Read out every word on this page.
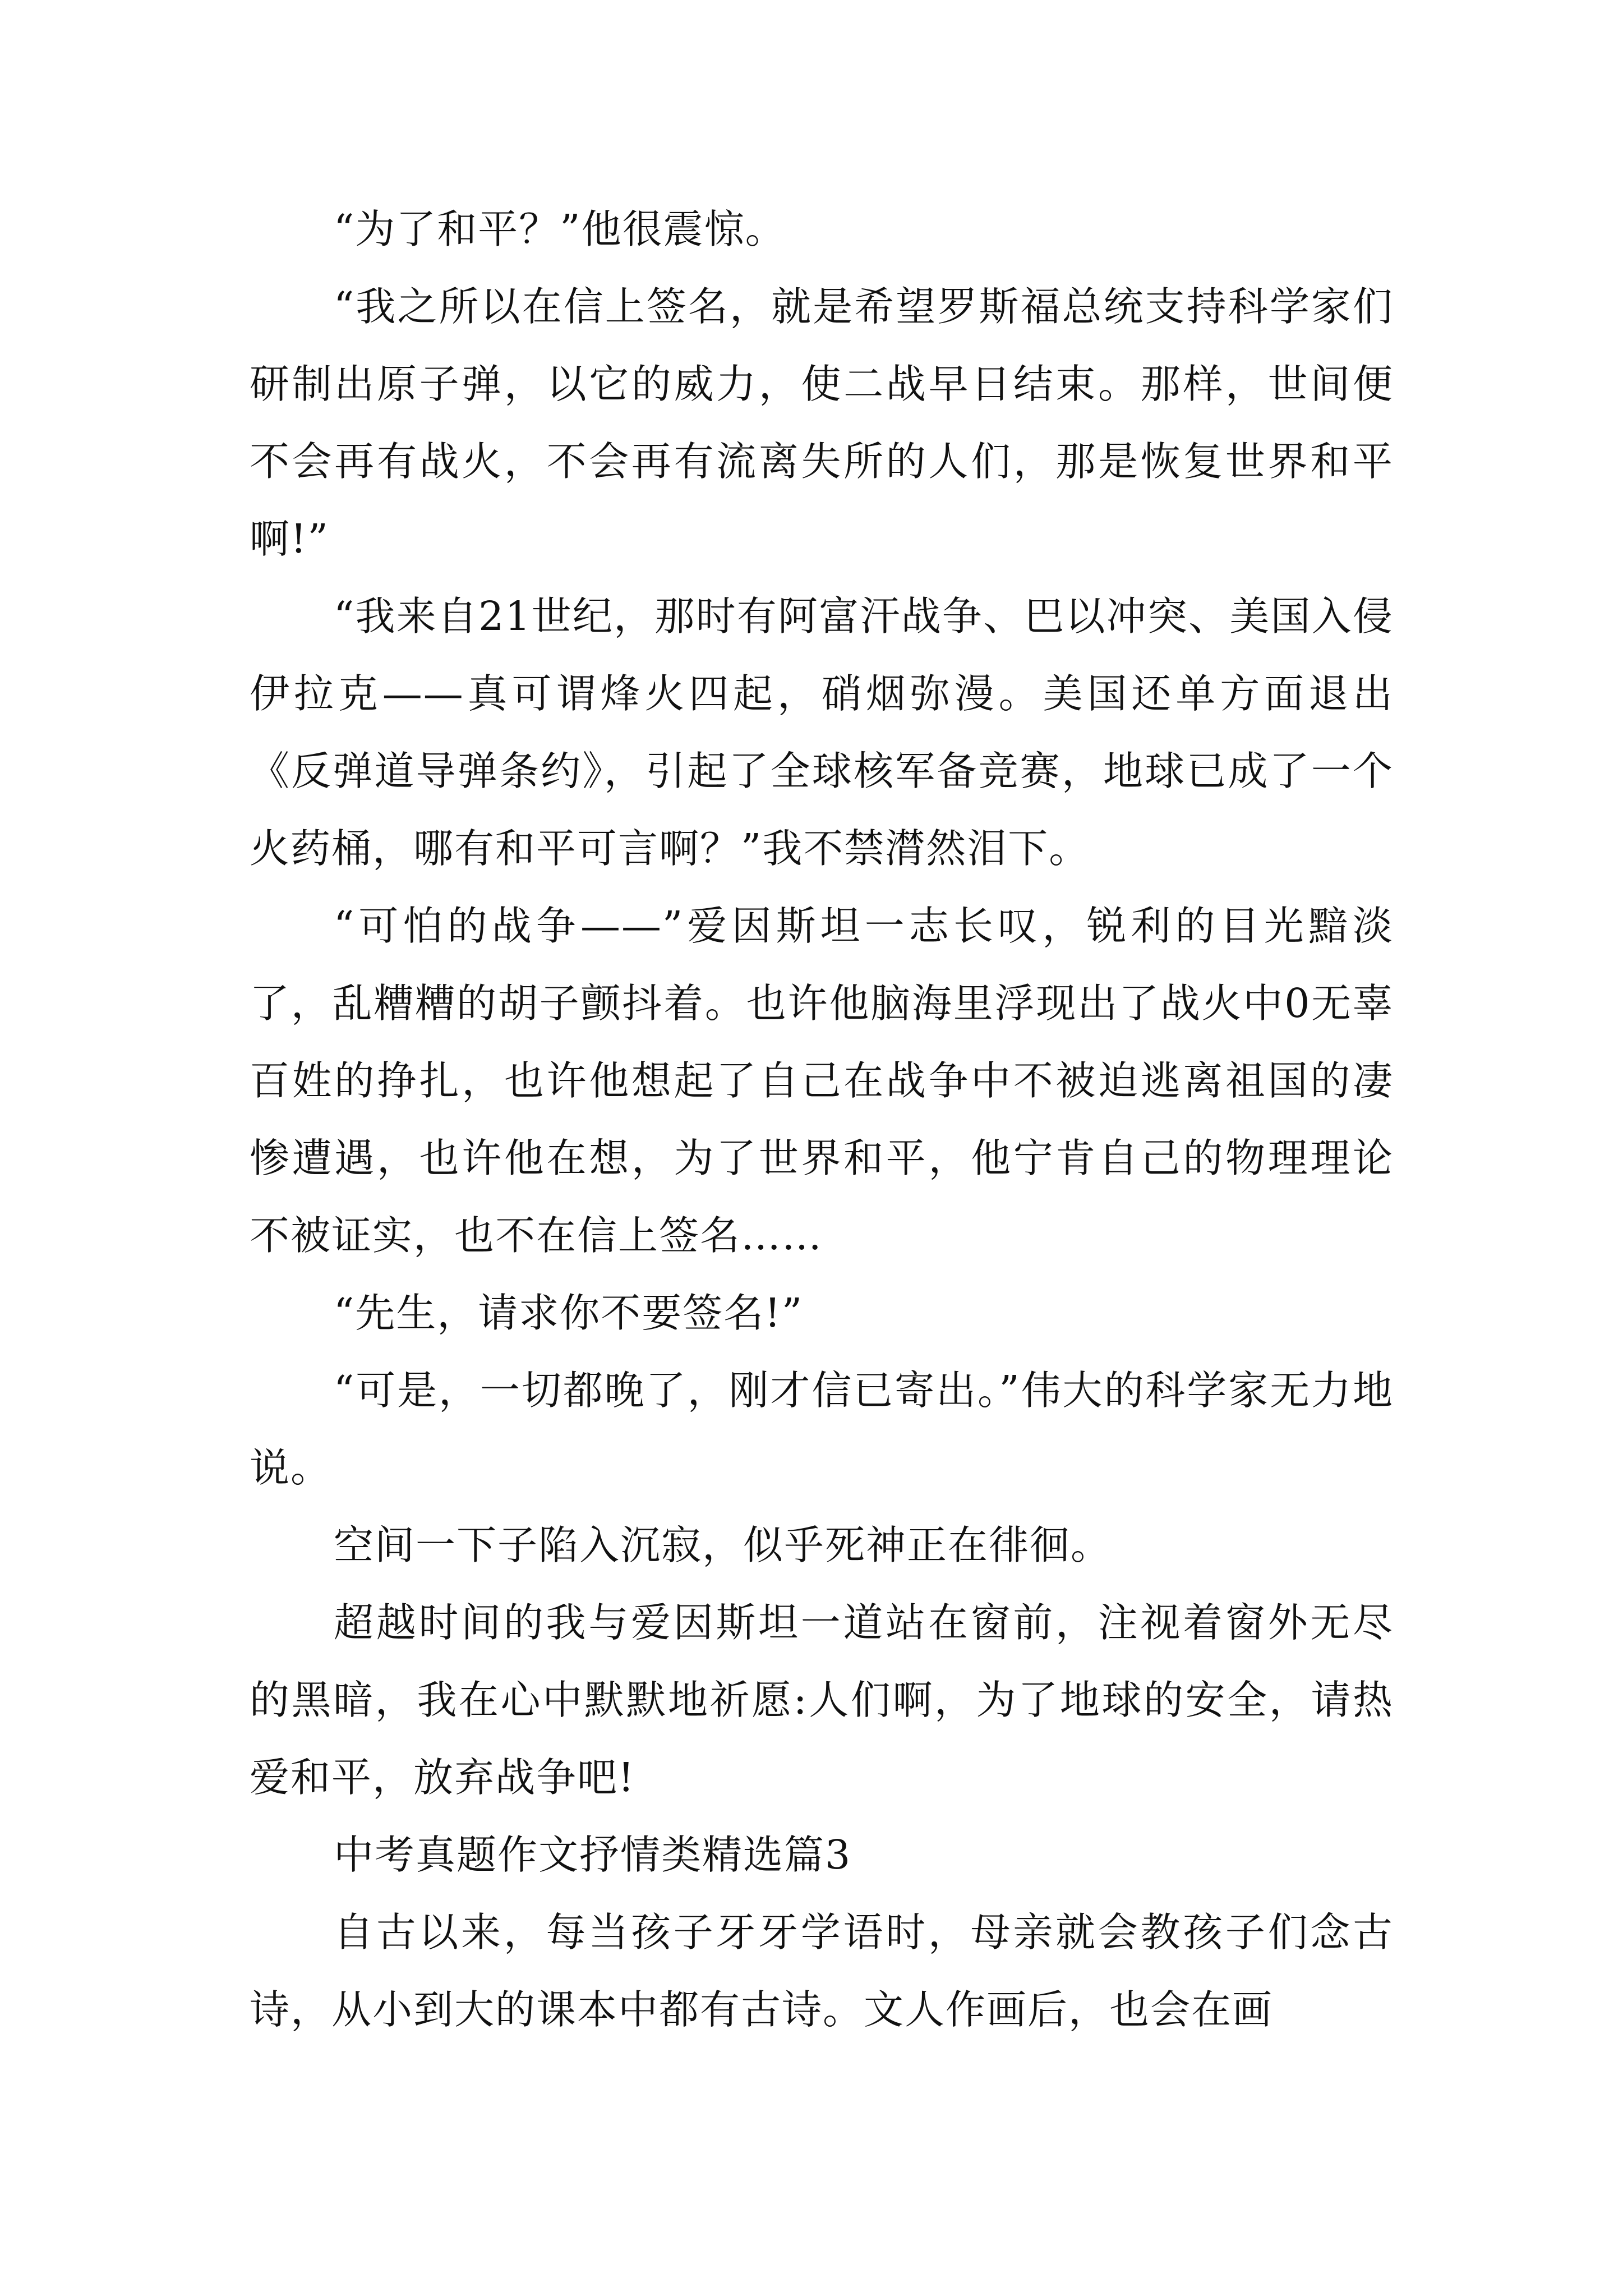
“为了和平？”他很震惊。

“我之所以在信上签名，就是希望罗斯福总统支持科学家们研制出原子弹，以它的威力，使二战早日结束。那样，世间便不会再有战火，不会再有流离失所的人们，那是恢复世界和平啊!”

“我来自21世纪，那时有阿富汗战争、巴以冲突、美国入侵伊拉克——真可谓烽火四起，硝烟弥漫。美国还单方面退出《反弹道导弹条约》，引起了全球核军备竞赛，地球已成了一个火药桶，哪有和平可言啊？”我不禁潸然泪下。

“可怕的战争——”爱因斯坦一志长叹，锐利的目光黯淡了，乱糟糟的胡子颤抖着。也许他脑海里浮现出了战火中0无辜百姓的挣扎，也许他想起了自己在战争中不被迫逃离祖国的凄惨遭遇，也许他在想，为了世界和平，他宁肯自己的物理理论不被证实，也不在信上签名……

“先生，请求你不要签名!”

“可是，一切都晚了，刚才信已寄出。”伟大的科学家无力地说。

空间一下子陷入沉寂，似乎死神正在徘徊。

超越时间的我与爱因斯坦一道站在窗前，注视着窗外无尽的黑暗，我在心中默默地祈愿:人们啊，为了地球的安全，请热爱和平，放弃战争吧!

中考真题作文抒情类精选篇3

自古以来，每当孩子牙牙学语时，母亲就会教孩子们念古诗，从小到大的课本中都有古诗。文人作画后，也会在画
